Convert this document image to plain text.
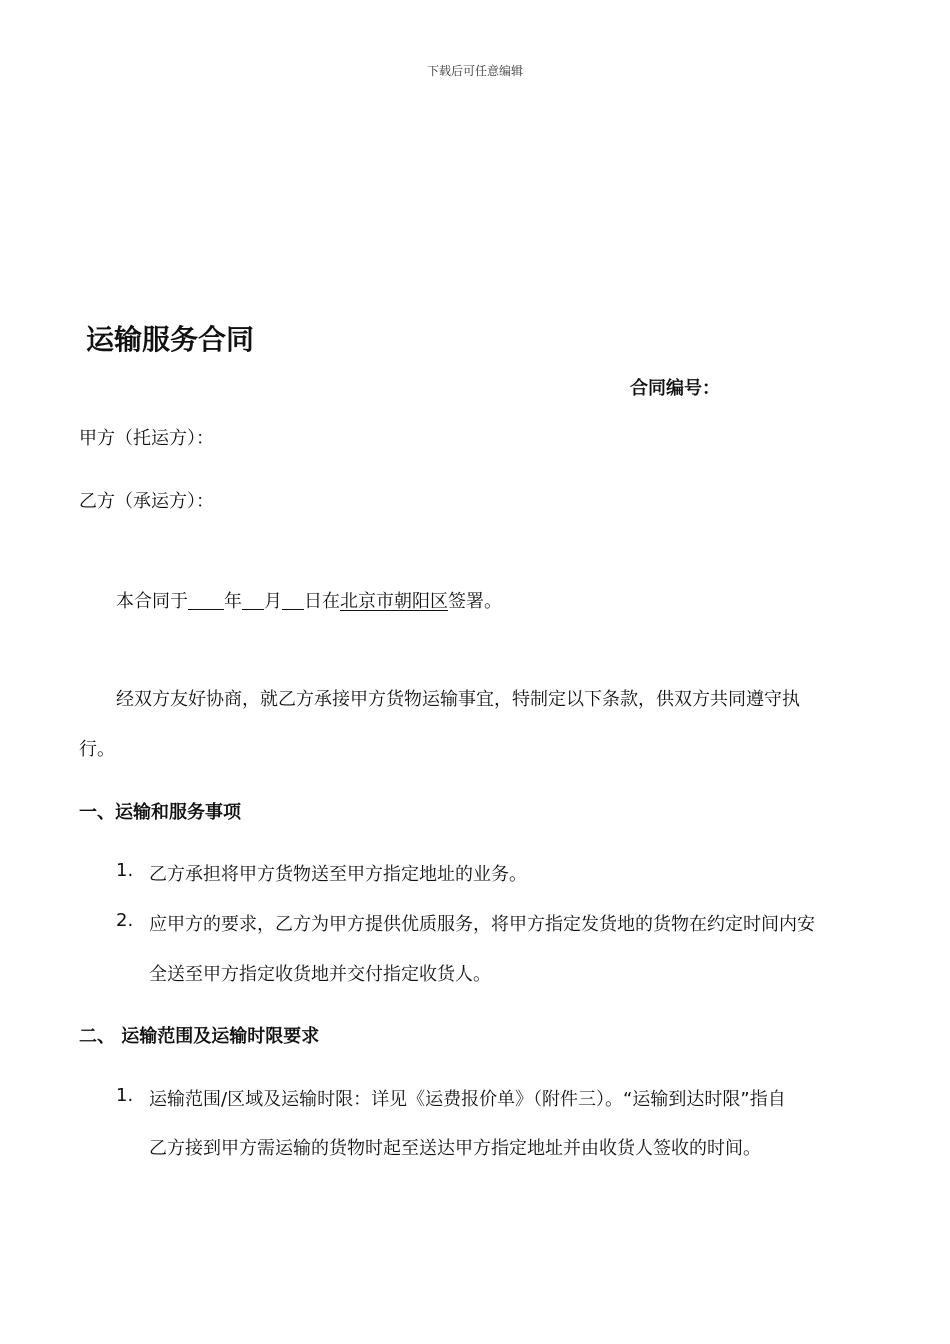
下载后可任意编辑
运输服务合同
合同编号：
甲方（托运方）：
乙方（承运方）：
本合同于 年 月 日在北京市朝阳区签署。
经双方友好协商，就乙方承接甲方货物运输事宜，特制定以下条款，供双方共同遵守执
行。
一、运输和服务事项
1. 乙方承担将甲方货物送至甲方指定地址的业务。
2. 应甲方的要求，乙方为甲方提供优质服务，将甲方指定发货地的货物在约定时间内安
全送至甲方指定收货地并交付指定收货人。
二、 运输范围及运输时限要求
1. 运输范围/区域及运输时限：详见《运费报价单》（附件三）。“运输到达时限”指自
乙方接到甲方需运输的货物时起至送达甲方指定地址并由收货人签收的时间。
